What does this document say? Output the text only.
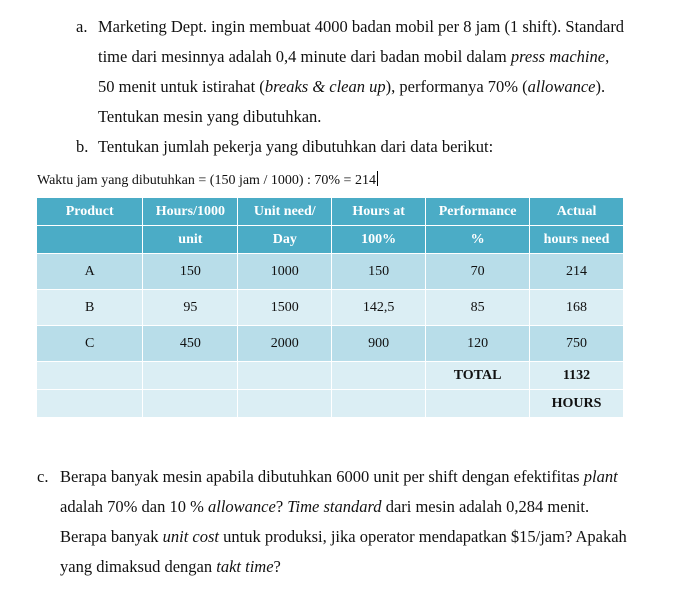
a. Marketing Dept. ingin membuat 4000 badan mobil per 8 jam (1 shift). Standard
time dari mesinnya adalah 0,4 minute dari badan mobil dalam press machine,
50 menit untuk istirahat (breaks & clean up), performanya 70% (allowance).
Tentukan mesin yang dibutuhkan.
b. Tentukan jumlah pekerja yang dibutuhkan dari data berikut:
Waktu jam yang dibutuhkan = (150 jam / 1000) : 70% = 214
Product	Hours/1000	Unit need/	Hours at	Performance	Actual
	unit	Day	100%	%	hours need
A	150	1000	150	70	214
B	95	1500	142,5	85	168
C	450	2000	900	120	750
				TOTAL	1132
					HOURS
c. Berapa banyak mesin apabila dibutuhkan 6000 unit per shift dengan efektifitas plant
adalah 70% dan 10 % allowance? Time standard dari mesin adalah 0,284 menit.
Berapa banyak unit cost untuk produksi, jika operator mendapatkan $15/jam? Apakah
yang dimaksud dengan takt time?
